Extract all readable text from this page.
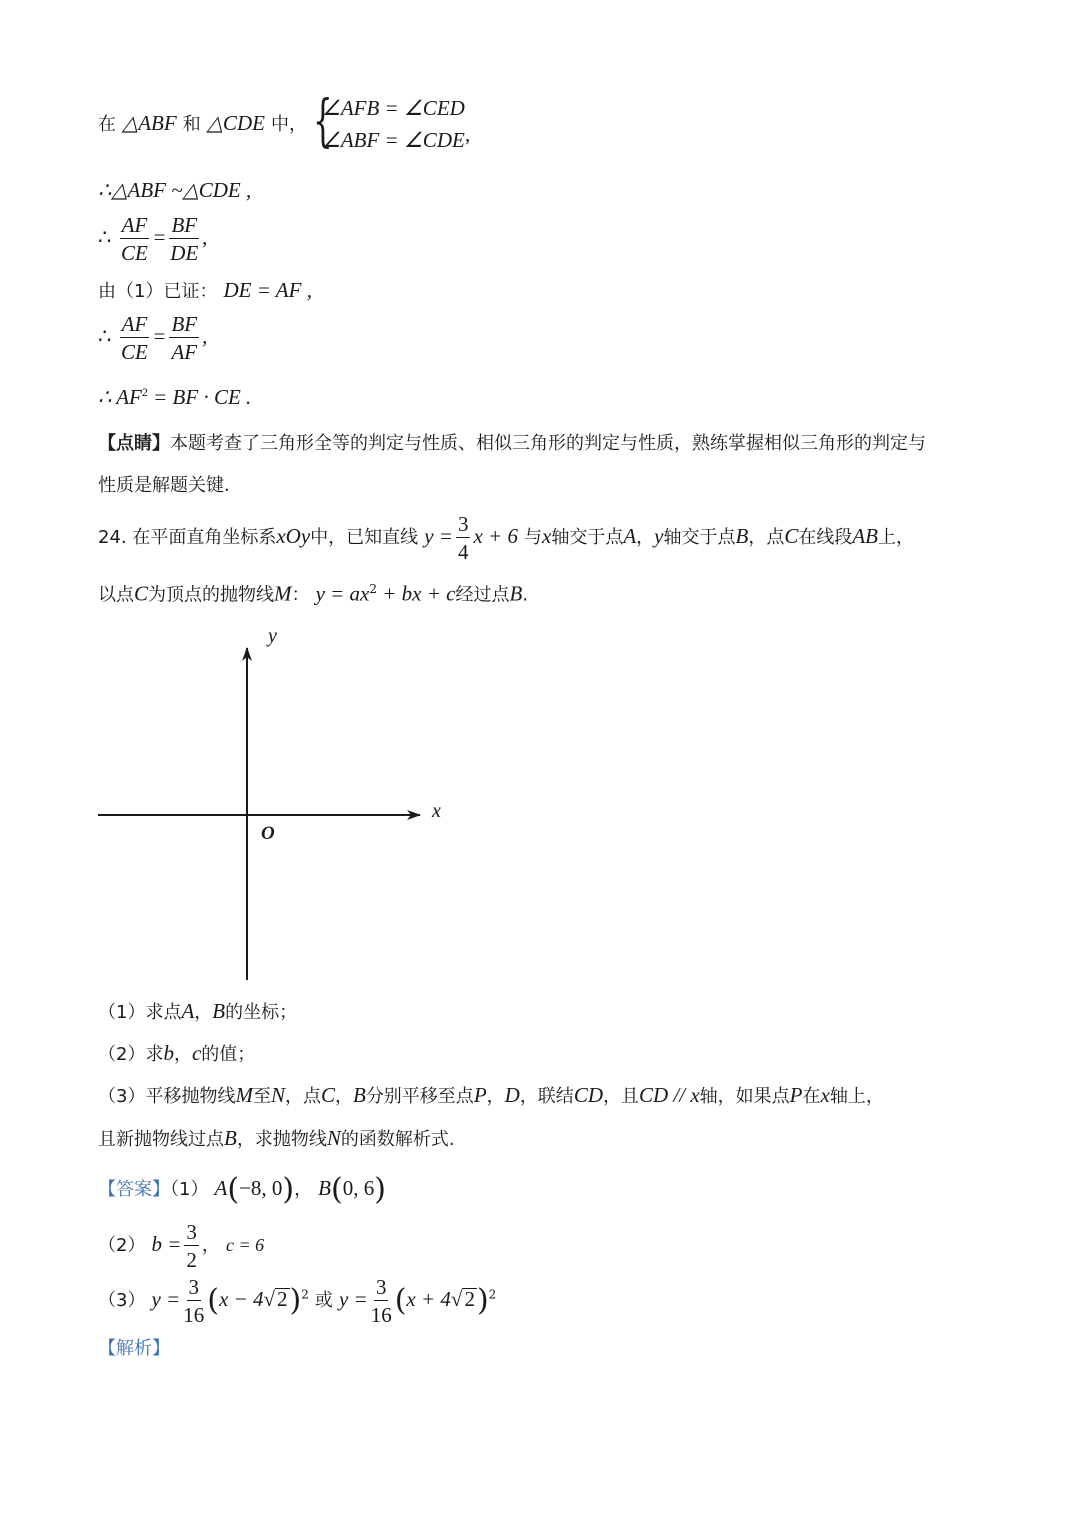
在 △ABF 和 △CDE 中， {
∠AFB = ∠CED
∠ABF = ∠CDE ,
∴△ABF ~△CDE ,
∴ $\frac{AF}{CE} = \frac{BF}{DE}$ ,
由（1）已证： DE = AF ,
∴ $\frac{AF}{CE} = \frac{BF}{AF}$ ,
∴ $AF^2$ = BF · CE .
【点睛】本题考查了三角形全等的判定与性质、相似三角形的判定与性质，熟练掌握相似三角形的判定与
性质是解题关键.
24. 在平面直角坐标系xOy中，已知直线 $y = \frac{3}{4}$ x + 6 与x轴交于点A，y轴交于点B，点C在线段AB上，
以点C为顶点的抛物线M： $y = ax^2$ + bx + c经过点B.
y
x
O
（1）求点A，B的坐标；
（2）求b，c的值；
（3）平移抛物线M至N，点C，B分别平移至点P，D，联结CD，且CD // x轴，如果点P在x轴上，
且新抛物线过点B，求抛物线N的函数解析式.
【答案】（1） A(−8, 0)， B(0, 6)
（2） $b = \frac{3}{2}$ ， c = 6
（3） $y = \frac{3}{16} (x - 4√2)^2$ 或 $y = \frac{3}{16} (x + 4√2)^2$
【解析】
